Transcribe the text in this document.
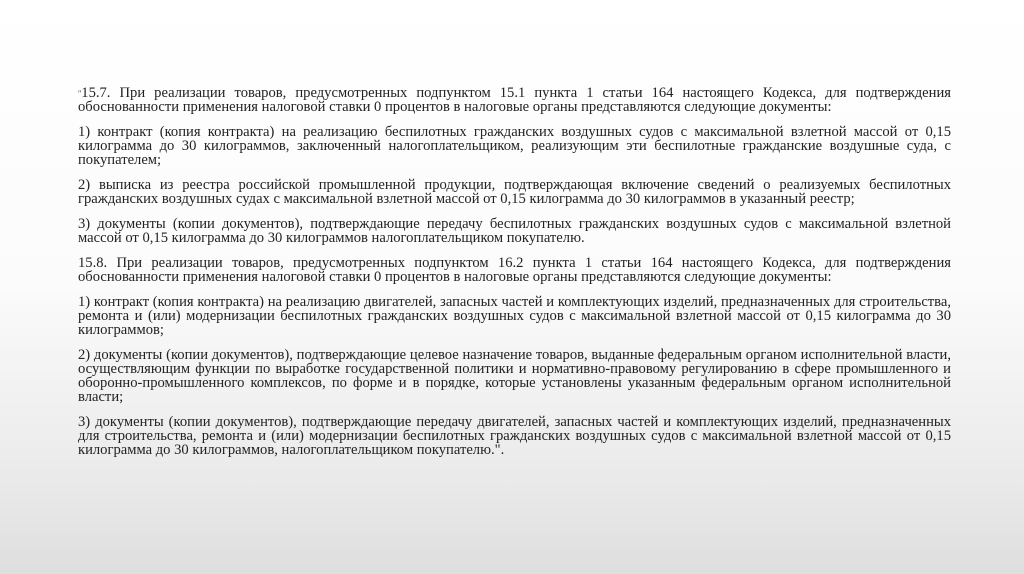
"15.7. При реализации товаров, предусмотренных подпунктом 15.1 пункта 1 статьи 164 настоящего Кодекса, для подтверждения обоснованности применения налоговой ставки 0 процентов в налоговые органы представляются следующие документы:

1) контракт (копия контракта) на реализацию беспилотных гражданских воздушных судов с максимальной взлетной массой от 0,15 килограмма до 30 килограммов, заключенный налогоплательщиком, реализующим эти беспилотные гражданские воздушные суда, с покупателем;

2) выписка из реестра российской промышленной продукции, подтверждающая включение сведений о реализуемых беспилотных гражданских воздушных судах с максимальной взлетной массой от 0,15 килограмма до 30 килограммов в указанный реестр;

3) документы (копии документов), подтверждающие передачу беспилотных гражданских воздушных судов с максимальной взлетной массой от 0,15 килограмма до 30 килограммов налогоплательщиком покупателю.

15.8. При реализации товаров, предусмотренных подпунктом 16.2 пункта 1 статьи 164 настоящего Кодекса, для подтверждения обоснованности применения налоговой ставки 0 процентов в налоговые органы представляются следующие документы:

1) контракт (копия контракта) на реализацию двигателей, запасных частей и комплектующих изделий, предназначенных для строительства, ремонта и (или) модернизации беспилотных гражданских воздушных судов с максимальной взлетной массой от 0,15 килограмма до 30 килограммов;

2) документы (копии документов), подтверждающие целевое назначение товаров, выданные федеральным органом исполнительной власти, осуществляющим функции по выработке государственной политики и нормативно-правовому регулированию в сфере промышленного и оборонно-промышленного комплексов, по форме и в порядке, которые установлены указанным федеральным органом исполнительной власти;

3) документы (копии документов), подтверждающие передачу двигателей, запасных частей и комплектующих изделий, предназначенных для строительства, ремонта и (или) модернизации беспилотных гражданских воздушных судов с максимальной взлетной массой от 0,15 килограмма до 30 килограммов, налогоплательщиком покупателю.".
